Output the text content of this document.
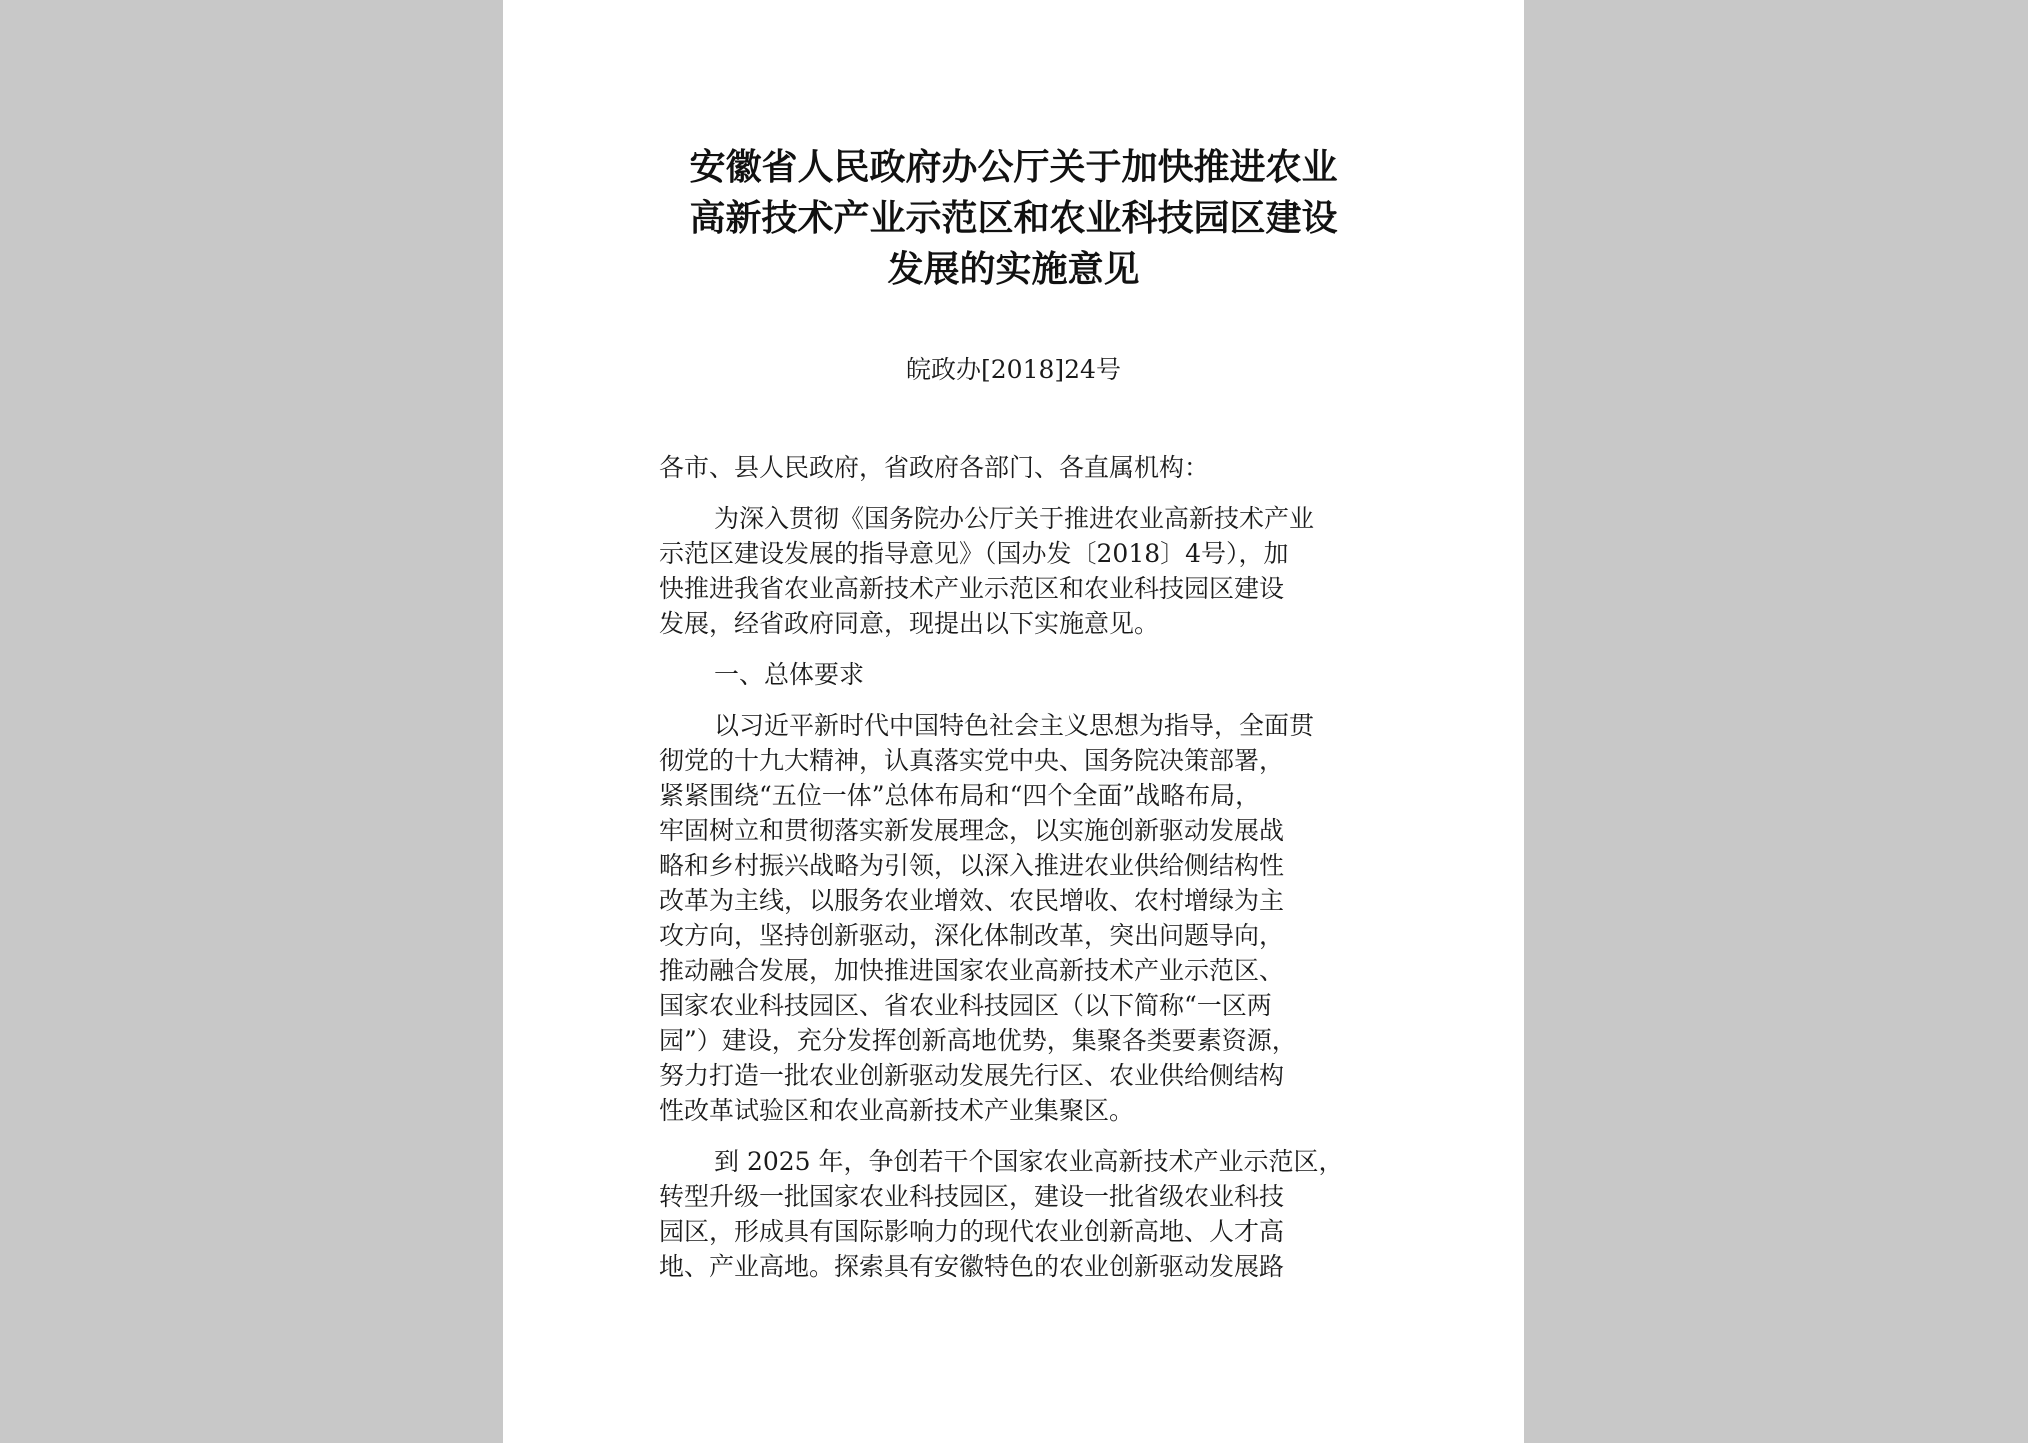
安徽省人民政府办公厅关于加快推进农业
高新技术产业示范区和农业科技园区建设
发展的实施意见
皖政办[2018]24号
各市、县人民政府，省政府各部门、各直属机构：
为深入贯彻《国务院办公厅关于推进农业高新技术产业
示范区建设发展的指导意见》（国办发〔2018〕4号），加
快推进我省农业高新技术产业示范区和农业科技园区建设
发展，经省政府同意，现提出以下实施意见。
一、总体要求
以习近平新时代中国特色社会主义思想为指导，全面贯
彻党的十九大精神，认真落实党中央、国务院决策部署，
紧紧围绕“五位一体”总体布局和“四个全面”战略布局，
牢固树立和贯彻落实新发展理念，以实施创新驱动发展战
略和乡村振兴战略为引领，以深入推进农业供给侧结构性
改革为主线，以服务农业增效、农民增收、农村增绿为主
攻方向，坚持创新驱动，深化体制改革，突出问题导向，
推动融合发展，加快推进国家农业高新技术产业示范区、
国家农业科技园区、省农业科技园区（以下简称“一区两
园”）建设，充分发挥创新高地优势，集聚各类要素资源，
努力打造一批农业创新驱动发展先行区、农业供给侧结构
性改革试验区和农业高新技术产业集聚区。
到 2025 年，争创若干个国家农业高新技术产业示范区，
转型升级一批国家农业科技园区，建设一批省级农业科技
园区，形成具有国际影响力的现代农业创新高地、人才高
地、产业高地。探索具有安徽特色的农业创新驱动发展路
